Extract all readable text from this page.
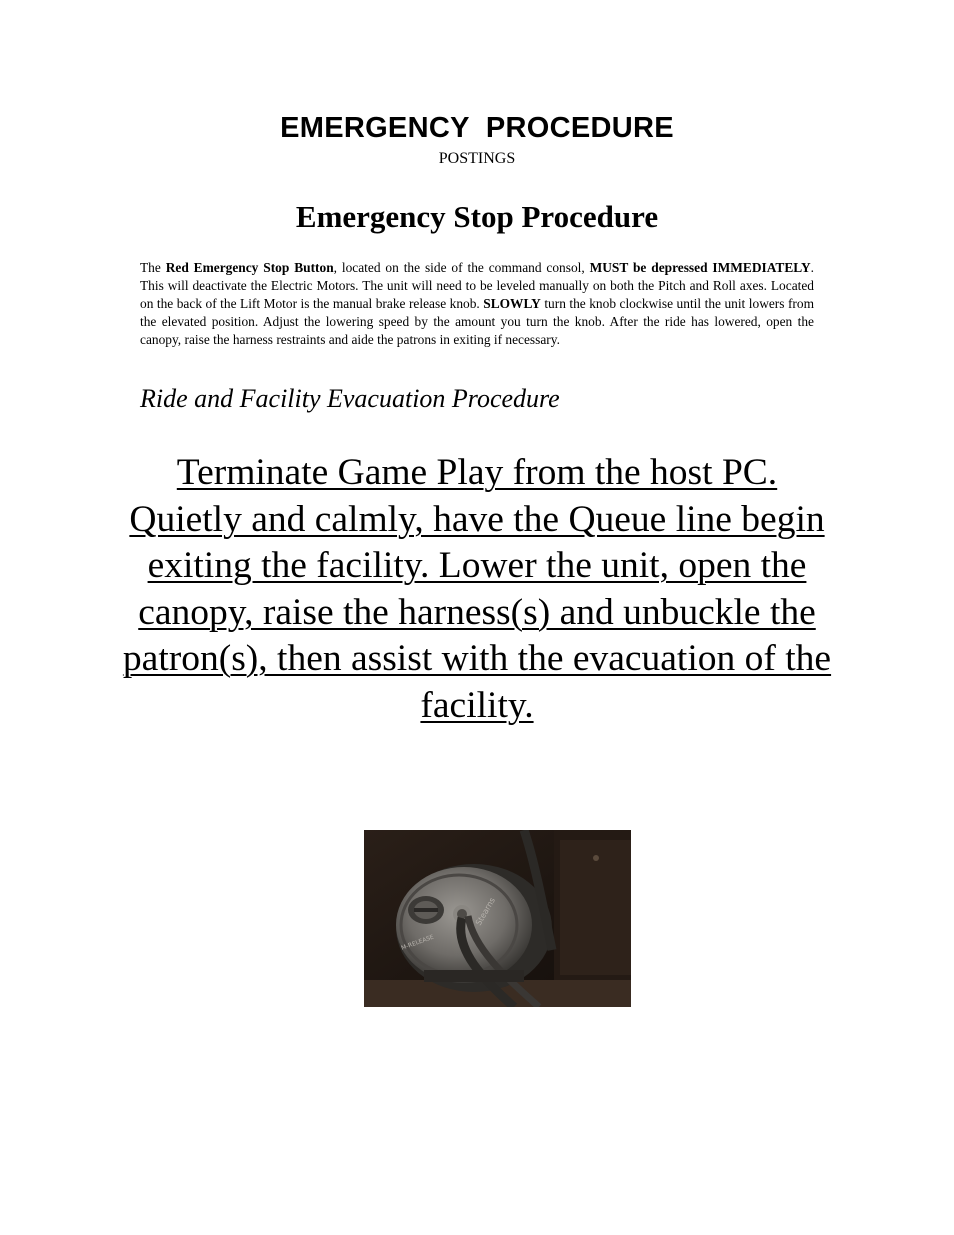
EMERGENCY  PROCEDURE
POSTINGS
Emergency Stop Procedure

The Red Emergency Stop Button, located on the side of the command consol, MUST be depressed IMMEDIATELY. This will deactivate the Electric Motors. The unit will need to be leveled manually on both the Pitch and Roll axes. Located on the back of the Lift Motor is the manual brake release knob. SLOWLY turn the knob clockwise until the unit lowers from the elevated position. Adjust the lowering speed by the amount you turn the knob. After the ride has lowered, open the canopy, raise the harness restraints and aide the patrons in exiting if necessary.

Ride and Facility Evacuation Procedure
Terminate Game Play from the host PC. Quietly and calmly, have the Queue line begin exiting the facility. Lower the unit, open the canopy, raise the harness(s) and unbuckle the patron(s), then assist with the evacuation of the facility.
Stearns
M-RELEASE
